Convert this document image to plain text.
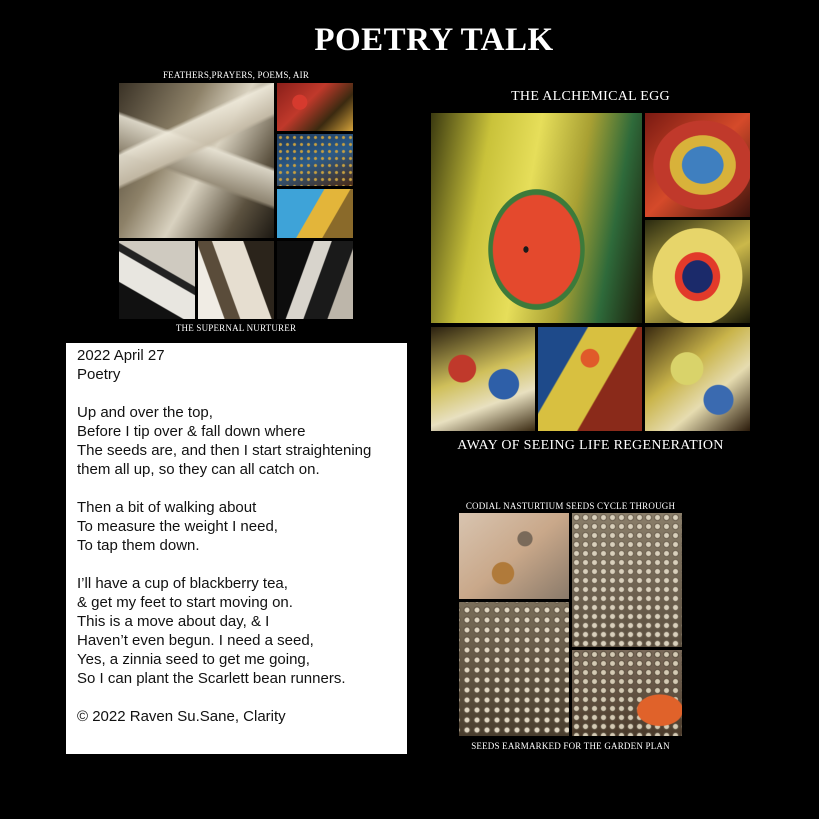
POETRY TALK
FEATHERS,PRAYERS, POEMS, AIR
THE SUPERNAL NURTURER
THE ALCHEMICAL EGG
AWAY OF SEEING LIFE REGENERATION
CODIAL NASTURTIUM SEEDS CYCLE THROUGH
SEEDS EARMARKED FOR THE GARDEN PLAN
2022 April 27
Poetry
Up and over the top,
Before I tip over & fall down where
The seeds are, and then I start straightening
them all up, so they can all catch on.
Then a bit of walking about
To measure the weight I need,
To tap them down.
I’ll have a cup of blackberry tea,
& get my feet to start moving on.
This is a move about day, & I
Haven’t even begun. I need a seed,
Yes, a zinnia seed to get me going,
So I can plant the Scarlett bean runners.
© 2022 Raven Su.Sane, Clarity
